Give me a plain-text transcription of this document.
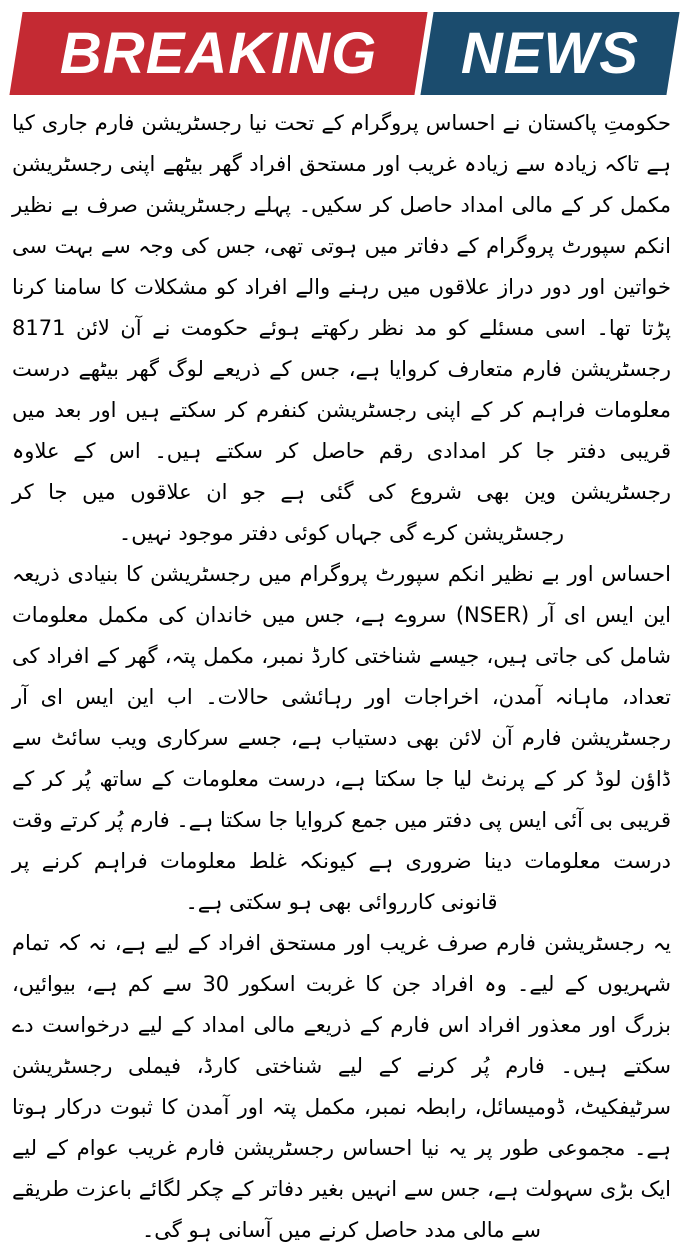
BREAKING NEWS

حکومتِ پاکستان نے احساس پروگرام کے تحت نیا رجسٹریشن فارم جاری کیا ہے تاکہ زیادہ سے زیادہ غریب اور مستحق افراد گھر بیٹھے اپنی رجسٹریشن مکمل کر کے مالی امداد حاصل کر سکیں۔ پہلے رجسٹریشن صرف بے نظیر انکم سپورٹ پروگرام کے دفاتر میں ہوتی تھی، جس کی وجہ سے بہت سی خواتین اور دور دراز علاقوں میں رہنے والے افراد کو مشکلات کا سامنا کرنا پڑتا تھا۔ اسی مسئلے کو مد نظر رکھتے ہوئے حکومت نے آن لائن 8171 رجسٹریشن فارم متعارف کروایا ہے، جس کے ذریعے لوگ گھر بیٹھے درست معلومات فراہم کر کے اپنی رجسٹریشن کنفرم کر سکتے ہیں اور بعد میں قریبی دفتر جا کر امدادی رقم حاصل کر سکتے ہیں۔ اس کے علاوہ رجسٹریشن وین بھی شروع کی گئی ہے جو ان علاقوں میں جا کر رجسٹریشن کرے گی جہاں کوئی دفتر موجود نہیں۔

احساس اور بے نظیر انکم سپورٹ پروگرام میں رجسٹریشن کا بنیادی ذریعہ این ایس ای آر (NSER) سروے ہے، جس میں خاندان کی مکمل معلومات شامل کی جاتی ہیں، جیسے شناختی کارڈ نمبر، مکمل پتہ، گھر کے افراد کی تعداد، ماہانہ آمدن، اخراجات اور رہائشی حالات۔ اب این ایس ای آر رجسٹریشن فارم آن لائن بھی دستیاب ہے، جسے سرکاری ویب سائٹ سے ڈاؤن لوڈ کر کے پرنٹ لیا جا سکتا ہے، درست معلومات کے ساتھ پُر کر کے قریبی بی آئی ایس پی دفتر میں جمع کروایا جا سکتا ہے۔ فارم پُر کرتے وقت درست معلومات دینا ضروری ہے کیونکہ غلط معلومات فراہم کرنے پر قانونی کارروائی بھی ہو سکتی ہے۔

یہ رجسٹریشن فارم صرف غریب اور مستحق افراد کے لیے ہے، نہ کہ تمام شہریوں کے لیے۔ وہ افراد جن کا غربت اسکور 30 سے کم ہے، بیوائیں، بزرگ اور معذور افراد اس فارم کے ذریعے مالی امداد کے لیے درخواست دے سکتے ہیں۔ فارم پُر کرنے کے لیے شناختی کارڈ، فیملی رجسٹریشن سرٹیفکیٹ، ڈومیسائل، رابطہ نمبر، مکمل پتہ اور آمدن کا ثبوت درکار ہوتا ہے۔ مجموعی طور پر یہ نیا احساس رجسٹریشن فارم غریب عوام کے لیے ایک بڑی سہولت ہے، جس سے انہیں بغیر دفاتر کے چکر لگائے باعزت طریقے سے مالی مدد حاصل کرنے میں آسانی ہو گی۔
